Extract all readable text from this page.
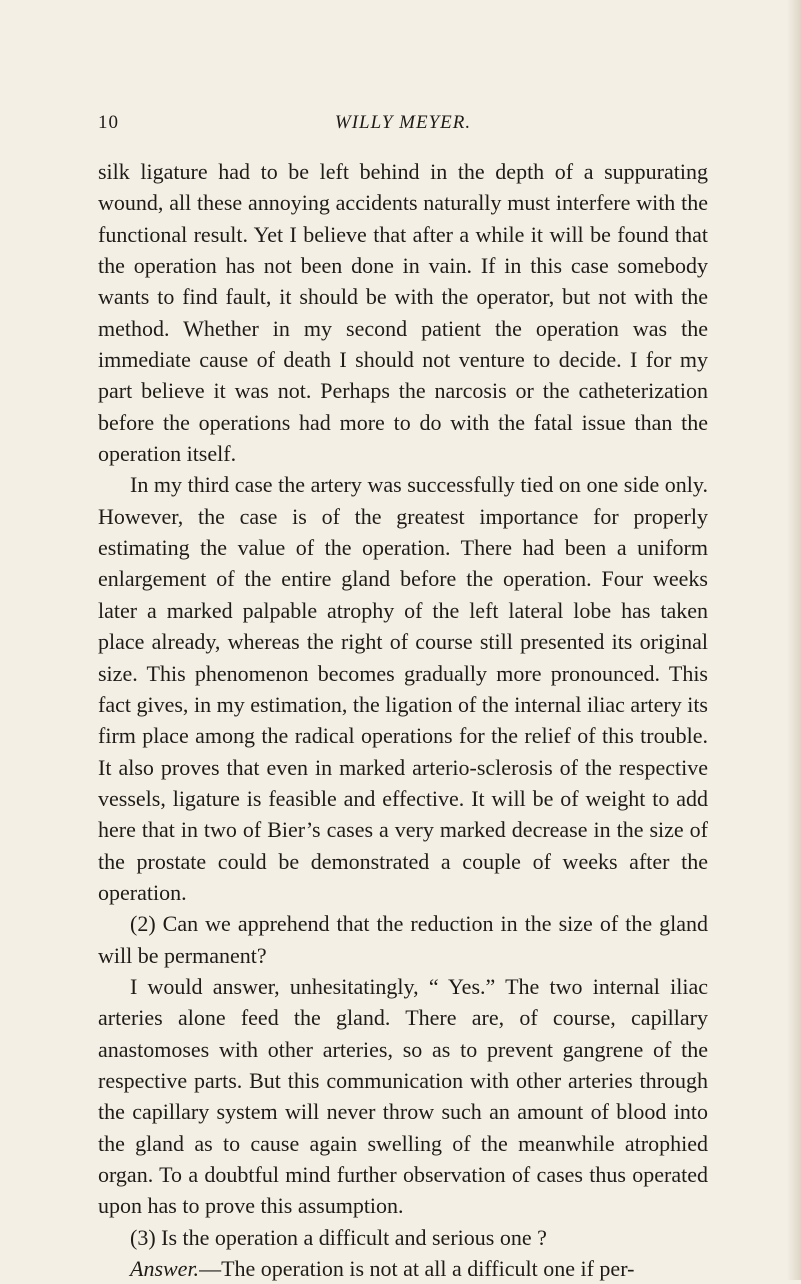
10	WILLY MEYER.

silk ligature had to be left behind in the depth of a suppurating wound, all these annoying accidents naturally must interfere with the functional result. Yet I believe that after a while it will be found that the operation has not been done in vain. If in this case somebody wants to find fault, it should be with the operator, but not with the method. Whether in my second patient the operation was the immediate cause of death I should not venture to decide. I for my part believe it was not. Perhaps the narcosis or the catheterization before the operations had more to do with the fatal issue than the operation itself.

In my third case the artery was successfully tied on one side only. However, the case is of the greatest importance for properly estimating the value of the operation. There had been a uniform enlargement of the entire gland before the operation. Four weeks later a marked palpable atrophy of the left lateral lobe has taken place already, whereas the right of course still presented its original size. This phenomenon becomes gradually more pronounced. This fact gives, in my estimation, the ligation of the internal iliac artery its firm place among the radical operations for the relief of this trouble. It also proves that even in marked arterio-sclerosis of the respective vessels, ligature is feasible and effective. It will be of weight to add here that in two of Bier’s cases a very marked decrease in the size of the prostate could be demonstrated a couple of weeks after the operation.

(2) Can we apprehend that the reduction in the size of the gland will be permanent?

I would answer, unhesitatingly, “ Yes.” The two internal iliac arteries alone feed the gland. There are, of course, capillary anastomoses with other arteries, so as to prevent gangrene of the respective parts. But this communication with other arteries through the capillary system will never throw such an amount of blood into the gland as to cause again swelling of the meanwhile atrophied organ. To a doubtful mind further observation of cases thus operated upon has to prove this assumption.

(3) Is the operation a difficult and serious one ?

Answer.—The operation is not at all a difficult one if per-
